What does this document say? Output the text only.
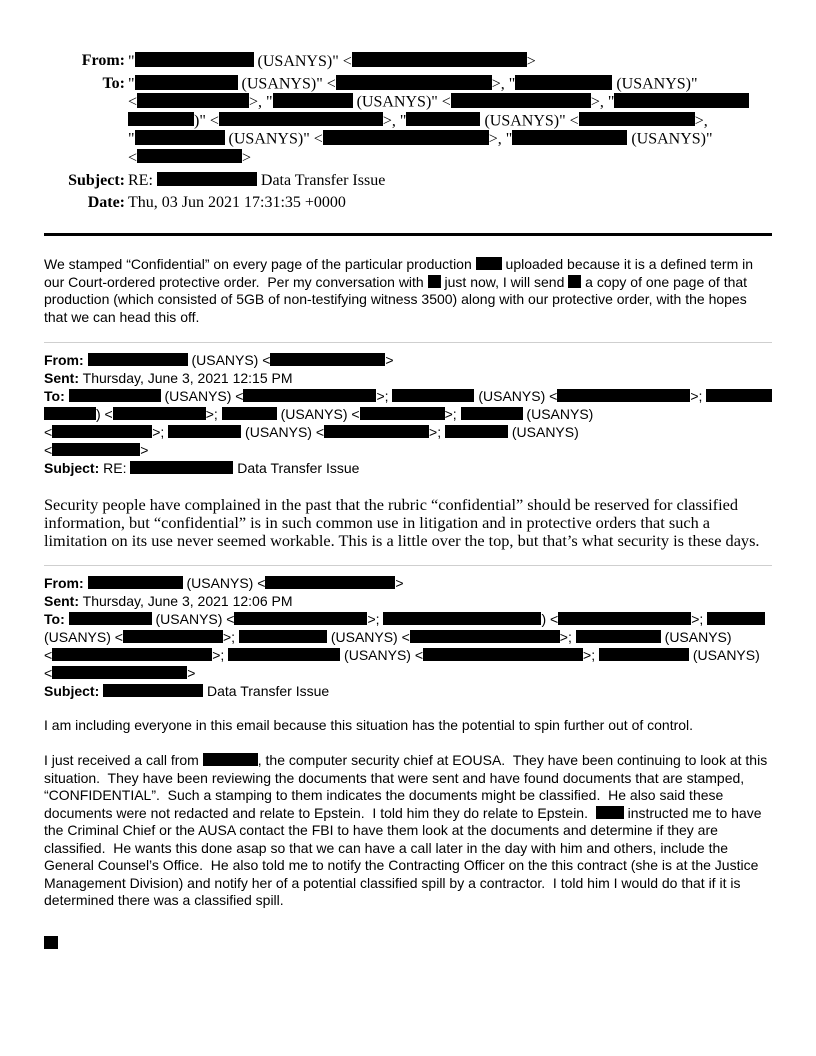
From: "	(USANYS)" <	>
To: "	(USANYS)" <	>, "	(USANYS)"
<	>, "	(USANYS)" <	>, "
)" <	>, "	(USANYS)" <	>,
"	(USANYS)" <	>, "	(USANYS)"
<	>
Subject: RE:	Data Transfer Issue
Date: Thu, 03 Jun 2021 17:31:35 +0000

We stamped “Confidential” on every page of the particular production  uploaded because it is a defined term in our Court-ordered protective order.  Per my conversation with  just now, I will send  a copy of one page of that production (which consisted of 5GB of non-testifying witness 3500) along with our protective order, with the hopes that we can head this off.

From:	(USANYS) <	>
Sent: Thursday, June 3, 2021 12:15 PM
To:	(USANYS) <	>;	(USANYS) <	>;
) <	>;	(USANYS) <	>;	(USANYS)
<	>;	(USANYS) <	>;	(USANYS)
<	>
Subject: RE:	Data Transfer Issue

Security people have complained in the past that the rubric “confidential” should be reserved for classified information, but “confidential” is in such common use in litigation and in protective orders that such a limitation on its use never seemed workable. This is a little over the top, but that’s what security is these days.

From:	(USANYS) <	>
Sent: Thursday, June 3, 2021 12:06 PM
To:	(USANYS) <	>;	) <	>;
(USANYS) <	>;	(USANYS) <	>;	(USANYS)
<	>;	(USANYS) <	>;	(USANYS)
<	>
Subject:	Data Transfer Issue

I am including everyone in this email because this situation has the potential to spin further out of control.

I just received a call from	, the computer security chief at EOUSA.  They have been continuing to look at this situation.  They have been reviewing the documents that were sent and have found documents that are stamped, “CONFIDENTIAL”.  Such a stamping to them indicates the documents might be classified.  He also said these documents were not redacted and relate to Epstein.  I told him they do relate to Epstein.   instructed me to have the Criminal Chief or the AUSA contact the FBI to have them look at the documents and determine if they are classified.  He wants this done asap so that we can have a call later in the day with him and others, include the General Counsel’s Office.  He also told me to notify the Contracting Officer on the this contract (she is at the Justice Management Division) and notify her of a potential classified spill by a contractor.  I told him I would do that if it is determined there was a classified spill.
